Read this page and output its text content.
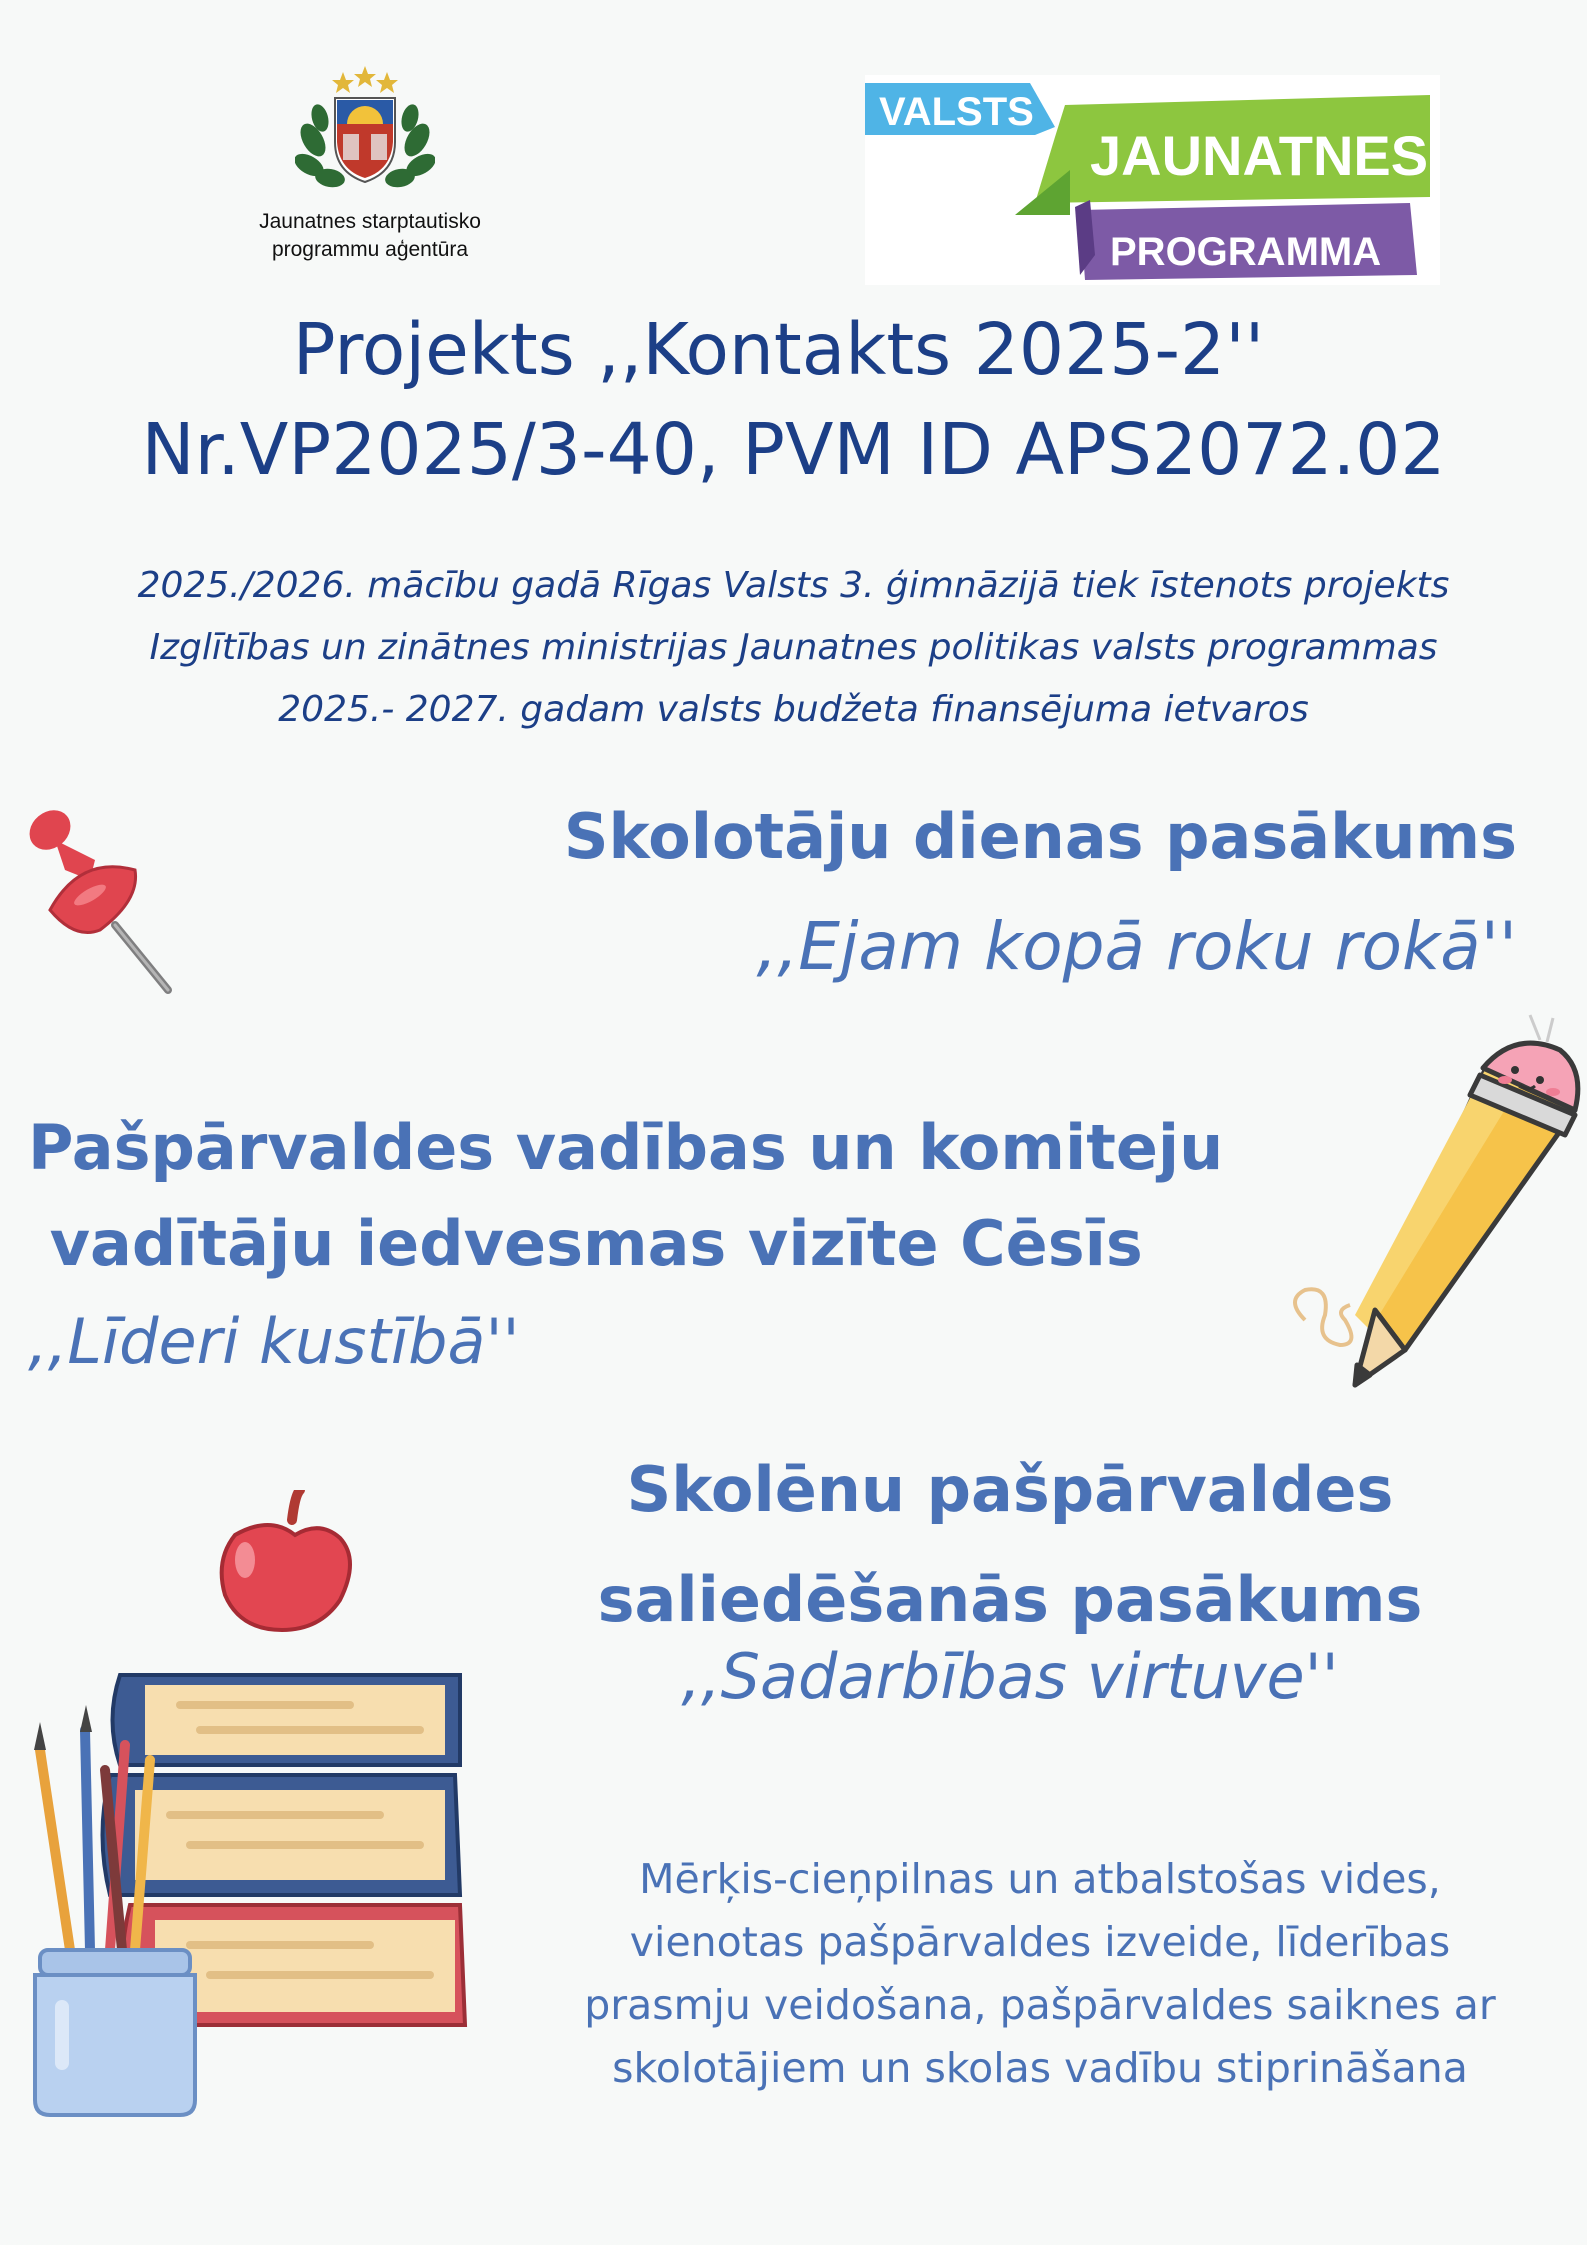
Jaunatnes starptautisko
programmu aģentūra
VALSTS
JAUNATNES
PROGRAMMA
Projekts ,,Kontakts 2025-2''
Nr.VP2025/3-40, PVM ID APS2072.02
2025./2026. mācību gadā Rīgas Valsts 3. ģimnāzijā tiek īstenots projekts
Izglītības un zinātnes ministrijas Jaunatnes politikas valsts programmas
2025.- 2027. gadam valsts budžeta finansējuma ietvaros
Skolotāju dienas pasākums
,,Ejam kopā roku rokā''
Pašpārvaldes vadības un komiteju
vadītāju iedvesmas vizīte Cēsīs
,,Līderi kustībā''
Skolēnu pašpārvaldes
saliedēšanās pasākums
,,Sadarbības virtuve''
Mērķis-cieņpilnas un atbalstošas vides,
vienotas pašpārvaldes izveide, līderības
prasmju veidošana, pašpārvaldes saiknes ar
skolotājiem un skolas vadību stiprināšana
